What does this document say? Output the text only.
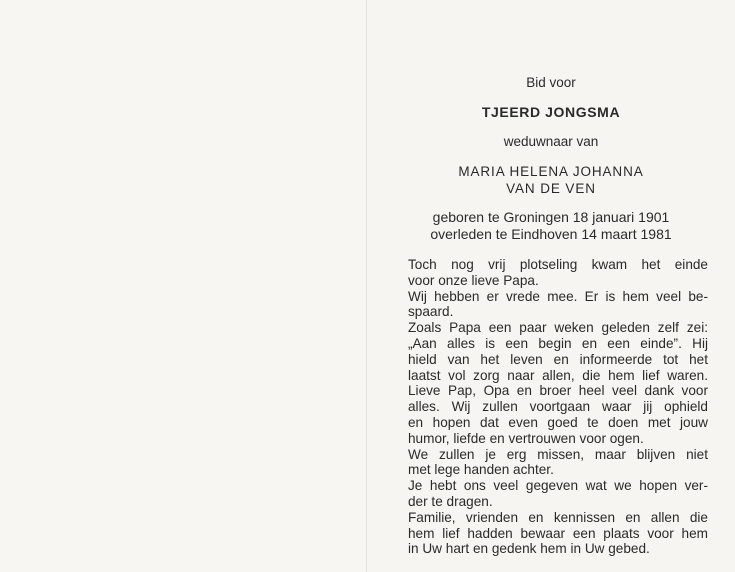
Bid voor
TJEERD JONGSMA
weduwnaar van
MARIA HELENA JOHANNA
VAN DE VEN
geboren te Groningen 18 januari 1901
overleden te Eindhoven 14 maart 1981
Toch nog vrij plotseling kwam het einde
voor onze lieve Papa.
Wij hebben er vrede mee. Er is hem veel be-
spaard.
Zoals Papa een paar weken geleden zelf zei:
„Aan alles is een begin en een einde”. Hij
hield van het leven en informeerde tot het
laatst vol zorg naar allen, die hem lief waren.
Lieve Pap, Opa en broer heel veel dank voor
alles. Wij zullen voortgaan waar jij ophield
en hopen dat even goed te doen met jouw
humor, liefde en vertrouwen voor ogen.
We zullen je erg missen, maar blijven niet
met lege handen achter.
Je hebt ons veel gegeven wat we hopen ver-
der te dragen.
Familie, vrienden en kennissen en allen die
hem lief hadden bewaar een plaats voor hem
in Uw hart en gedenk hem in Uw gebed.
